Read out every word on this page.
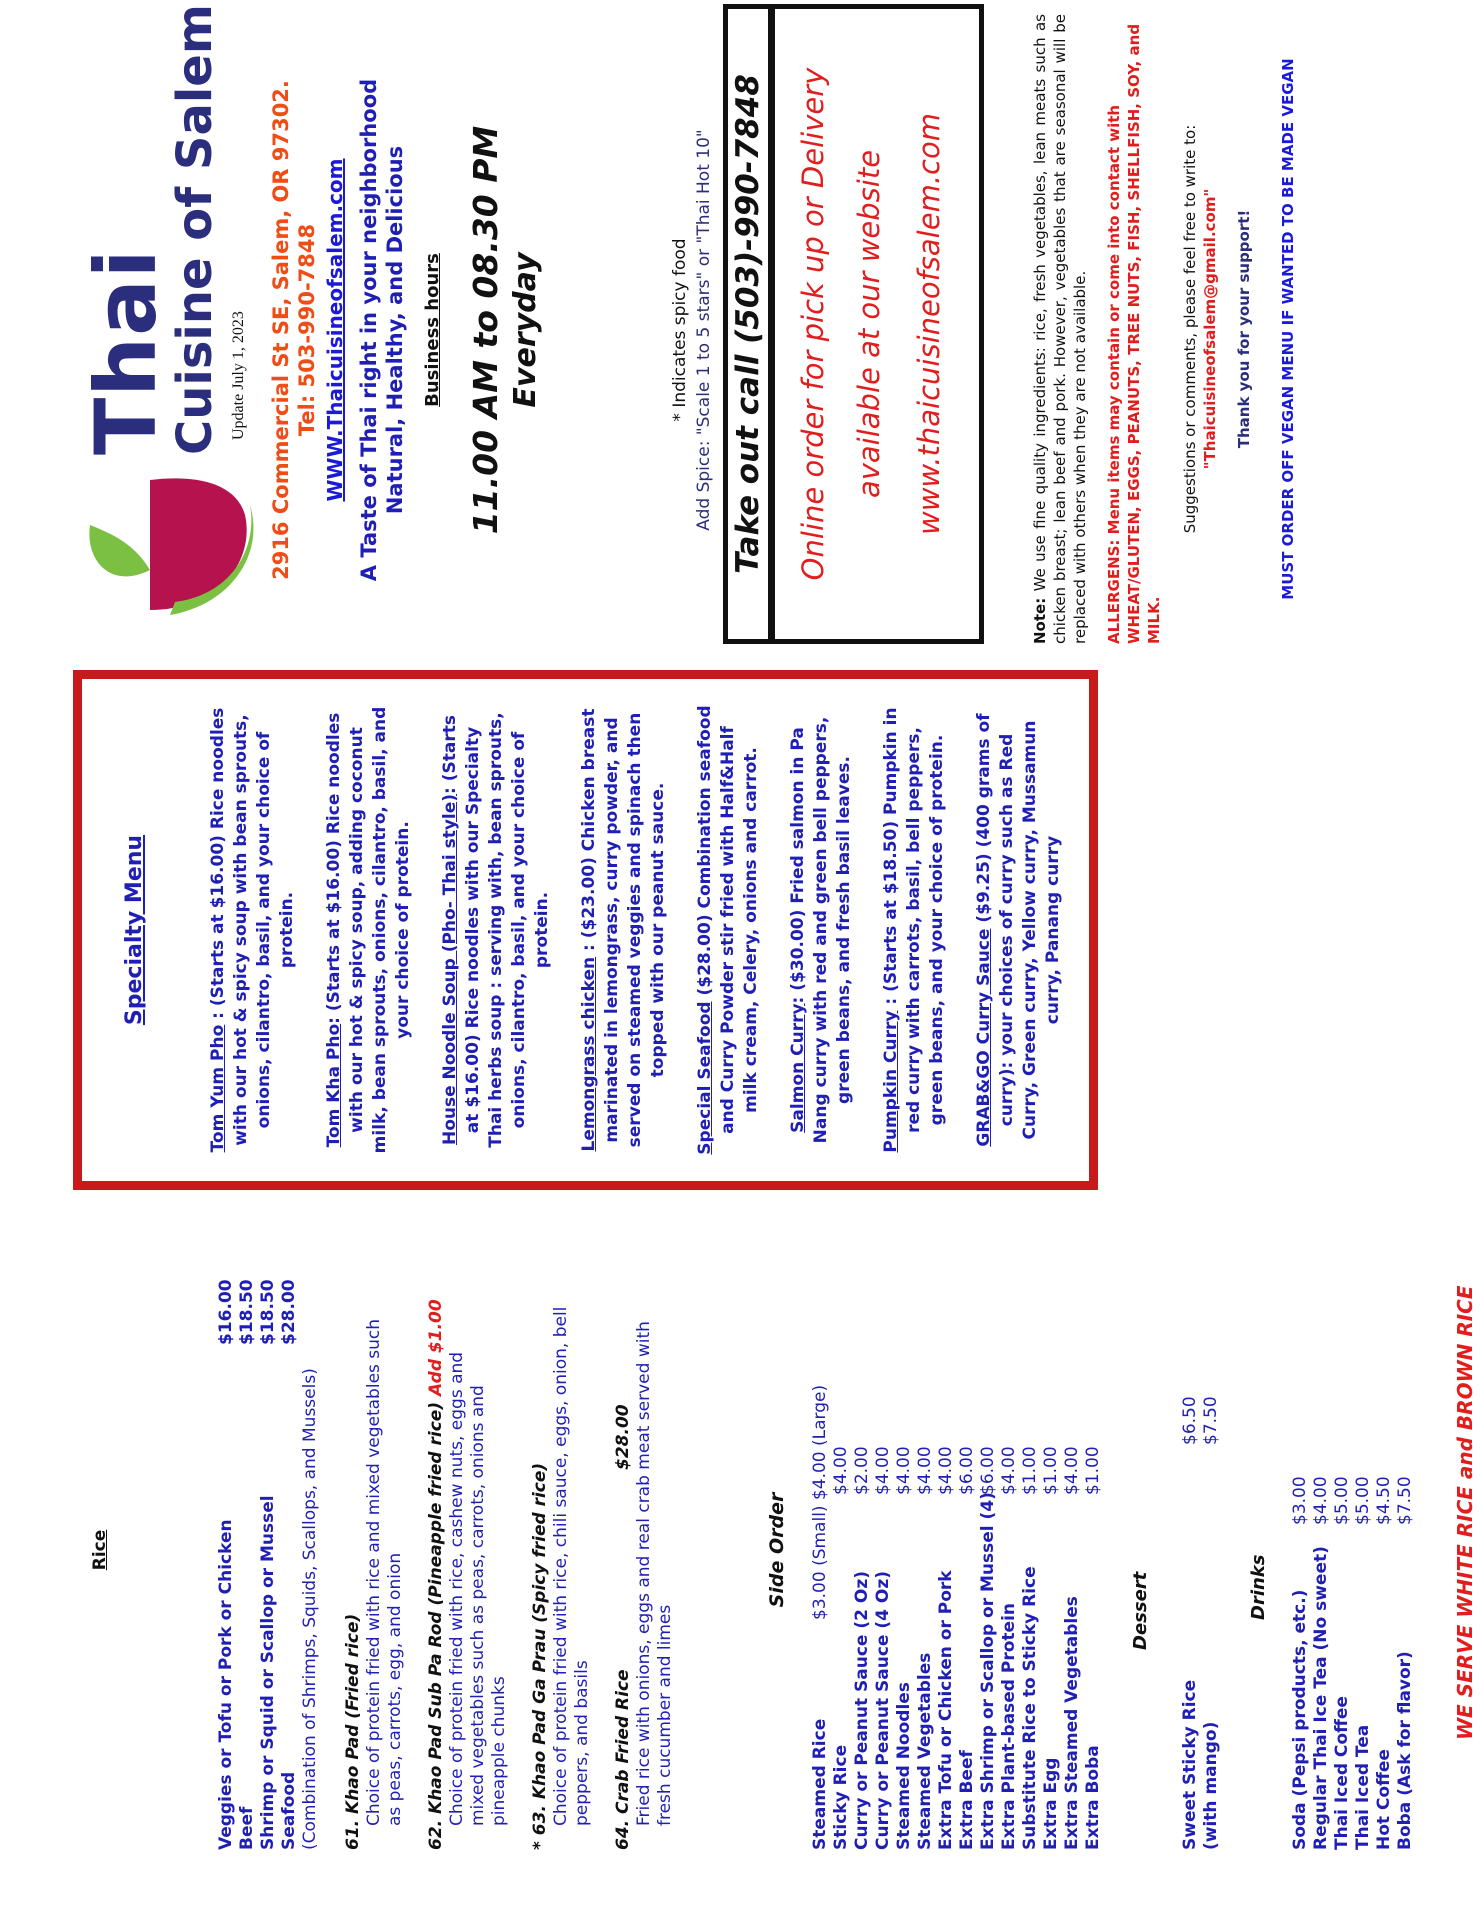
Rice	Veggies or Tofu or Pork or Chicken
$16.00
Beef
$18.50
Shrimp or Squid or Scallop or Mussel
$18.50
Seafood
$28.00
(Combination of Shrimps, Squids, Scallops, and Mussels) 61. Khao Pad (Fried rice) Choice of protein fried with rice and mixed vegetables such as peas, carrots, egg, and onion 62. Khao Pad Sub Pa Rod (Pineapple fried rice) Add $1.00
Choice of protein fried with rice, cashew nuts, eggs and mixed vegetables such as peas, carrots, onions and pineapple chunks * 63. Khao Pad Ga Prau (Spicy fried rice) Choice of protein fried with rice, chili sauce, eggs, onion, bell peppers, and basils 64. Crab Fried Rice
$28.00 Fried rice with onions, eggs and real crab meat served with fresh cucumber and limes
Side Order
Steamed Rice
$3.00 (Small) $4.00 (Large)
Sticky Rice
$4.00
Curry or Peanut Sauce (2 Oz)
$2.00
Curry or Peanut Sauce (4 Oz)
$4.00
Steamed Noodles
$4.00
Steamed Vegetables
$4.00
Extra Tofu or Chicken or Pork
$4.00
Extra Beef
$6.00
Extra Shrimp or Scallop or Mussel (4)
$6.00
Extra Plant-based Protein
$4.00
Substitute Rice to Sticky Rice
$1.00
Extra Egg
$1.00
Extra Steamed Vegetables
$4.00
Extra Boba
$1.00
Dessert
Sweet Sticky Rice
$6.50
(with mango)
$7.50
Drinks
Soda (Pepsi products, etc.)
$3.00
Regular Thai Ice Tea (No sweet)
$4.00
Thai Iced Coffee
$5.00
Thai Iced Tea
$5.00
Hot Coffee
$4.50
Boba (Ask for flavor)
$7.50 WE SERVE WHITE RICE and BROWN RICE
Specialty Menu
Tom Yum Pho : (Starts at $16.00) Rice noodles with our hot & spicy soup with bean sprouts, onions, cilantro, basil, and your choice of protein.
Tom Kha Pho: (Starts at $16.00) Rice noodles with our hot & spicy soup, adding coconut milk, bean sprouts, onions, cilantro, basil, and your choice of protein. House Noodle Soup (Pho- Thai style): (Starts at $16.00) Rice noodles with our Specialty Thai herbs soup : serving with, bean sprouts, onions, cilantro, basil, and your choice of protein.
Lemongrass chicken : ($23.00) Chicken breast marinated in lemongrass, curry powder, and served on steamed veggies and spinach then topped with our peanut sauce.
Special Seafood ($28.00) Combination seafood and Curry Powder stir fried with Half&Half milk cream, Celery, onions and carrot. Salmon Curry: ($30.00) Fried salmon in Pa Nang curry with red and green bell peppers, green beans, and fresh basil leaves. Pumpkin Curry : (Starts at $18.50) Pumpkin in red curry with carrots, basil, bell peppers, green beans, and your choice of protein. GRAB&GO Curry Sauce ($9.25) (400 grams of curry): your choices of curry such as Red Curry, Green curry, Yellow curry, Mussamun curry, Panang curry
Thai
Cuisine of Salem Update July 1, 2023 2916 Commercial St SE, Salem, OR 97302. Tel: 503-990-7848 WWW.Thaicuisineofsalem.com A Taste of Thai right in your neighborhood Natural, Healthy, and Delicious Business hours 11.00 AM to 08.30 PM Everyday	* Indicates spicy food Add Spice: "Scale 1 to 5 stars" or "Thai Hot 10" Take out call (503)-990-7848 Online order for pick up or Delivery available at our website www.thaicuisineofsalem.com
Note: We use fine quality ingredients: rice, fresh vegetables, lean meats such as chicken breast; lean beef and pork. However, vegetables that are seasonal will be replaced with others when they are not available. ALLERGENS: Menu items may contain or come into contact with WHEAT/GLUTEN, EGGS, PEANUTS, TREE NUTS, FISH, SHELLFISH, SOY, and MILK.
Suggestions or comments, please feel free to write to: "Thaicuisineofsalem@gmail.com" Thank you for your support! MUST ORDER OFF VEGAN MENU IF WANTED TO BE MADE VEGAN
